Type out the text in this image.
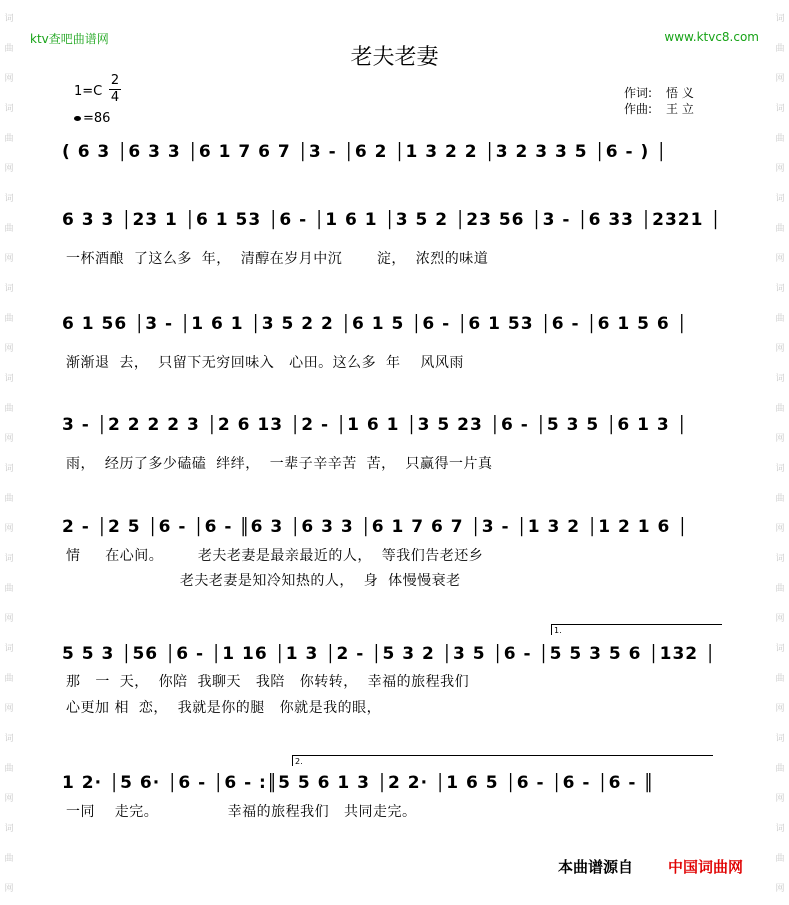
词
曲
网
词
曲
网
词
曲
网
词
曲
网
词
曲
网
词
曲
网
词
曲
网
词
曲
网
词
曲
网
词
曲
网
词
曲
网
词
曲
网
词
曲
网
词
曲
网
词
曲
网
词
曲
网
词
曲
网
词
曲
网
词
曲
网
词
曲
网
ktv查吧曲谱网	www.ktvc8.com
老夫老妻
1=C
2
4
=86
作词: 悟 义
作曲: 王 立
( 6 3 │6 3 3 │6 1 7 6 7 │3 - │6 2 │1 3 2 2 │3 2 3 3 5 │6 - ) │
6 3 3 │23 1 │6 1 53 │6 - │1 6 1 │3 5 2 │23 56 │3 - │6 33 │2321 │
一杯酒酿  了这么多  年，  清醇在岁月中沉       淀，  浓烈的味道
6 1 56 │3 - │1 6 1 │3 5 2 2 │6 1 5 │6 - │6 1 53 │6 - │6 1 5 6 │
渐渐退  去，  只留下无穷回味入   心田。这么多  年    风风雨
3 - │2 2 2 2 3 │2 6 13 │2 - │1 6 1 │3 5 23 │6 - │5 3 5 │6 1 3 │
雨，  经历了多少磕磕  绊绊，  一辈子辛辛苦  苦，  只赢得一片真
2 - │2 5 │6 - │6 - ║6 3 │6 3 3 │6 1 7 6 7 │3 - │1 3 2 │1 2 1 6 │
情     在心间。       老夫老妻是最亲最近的人，  等我们告老还乡
老夫老妻是知冷知热的人，  身  体慢慢衰老
1.
5 5 3 │56 │6 - │1 16 │1 3 │2 - │5 3 2 │3 5 │6 - │5 5 3 5 6 │132 │
那   一  天，  你陪  我聊天   我陪   你转转，  幸福的旅程我们
心更加 相  恋，  我就是你的腿   你就是我的眼，
2.
1 2· │5 6· │6 - │6 - :║5 5 6 1 3 │2 2· │1 6 5 │6 - │6 - │6 - ║
一同    走完。              幸福的旅程我们   共同走完。
本曲谱源自 中国词曲网
